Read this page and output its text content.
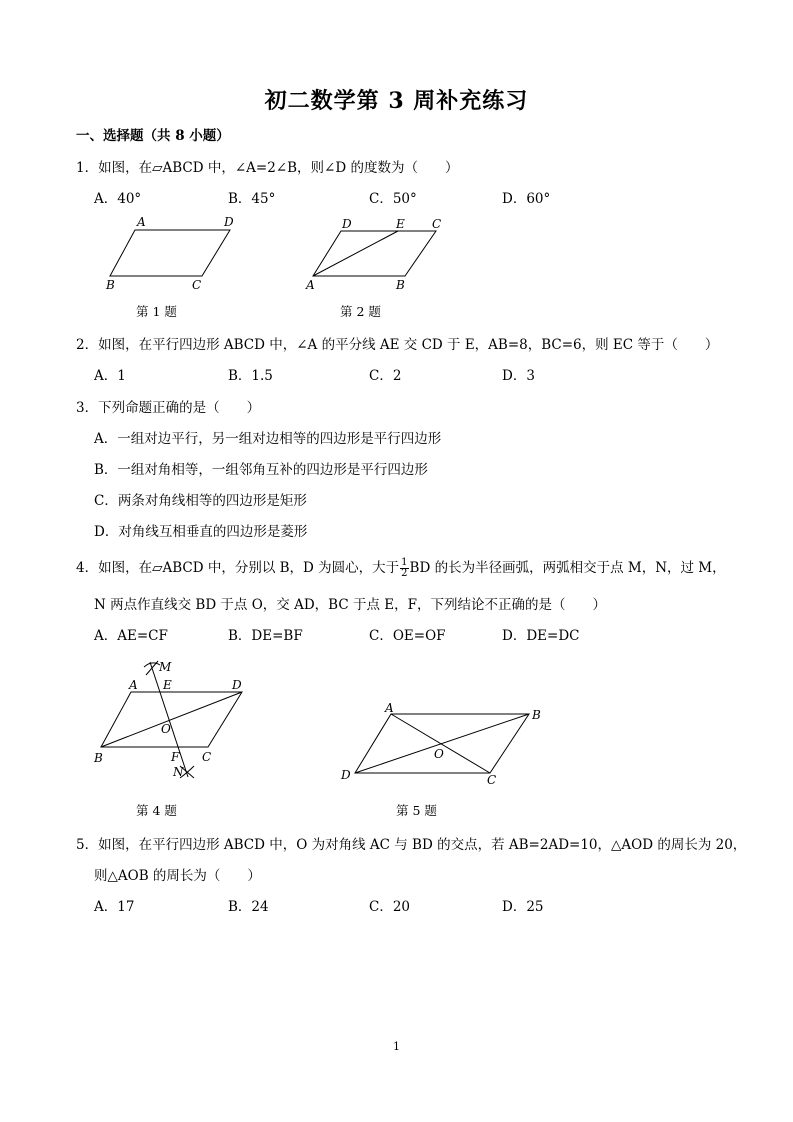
初二数学第 3 周补充练习
一、选择题（共 8 小题）
1．如图，在▱ABCD 中，∠A=2∠B，则∠D 的度数为（　　）
A．40°	B．45°	C．50°	D．60°
A	D
B	C
D	E C
A	B
M
A E	D
O
B	F C
N
A	B
O
D	C
第 1 题	第 2 题
2．如图，在平行四边形 ABCD 中，∠A 的平分线 AE 交 CD 于 E，AB=8，BC=6，则 EC 等于（　　）
A．1	B．1.5	C．2	D．3
3．下列命题正确的是（　　）
A．一组对边平行，另一组对边相等的四边形是平行四边形
B．一组对角相等，一组邻角互补的四边形是平行四边形
C．两条对角线相等的四边形是矩形
D．对角线互相垂直的四边形是菱形
4．如图，在▱ABCD 中，分别以 B，D 为圆心，大于 $\frac{1}{2}$ BD 的长为半径画弧，两弧相交于点 M，N，过 M，
N 两点作直线交 BD 于点 O，交 AD，BC 于点 E，F，下列结论不正确的是（　　）
A．AE=CF	B．DE=BF	C．OE=OF	D．DE=DC
第 4 题	第 5 题
5．如图，在平行四边形 ABCD 中，O 为对角线 AC 与 BD 的交点，若 AB=2AD=10，△AOD 的周长为 20，
则△AOB 的周长为（　　）
A．17	B．24	C．20	D．25
1
